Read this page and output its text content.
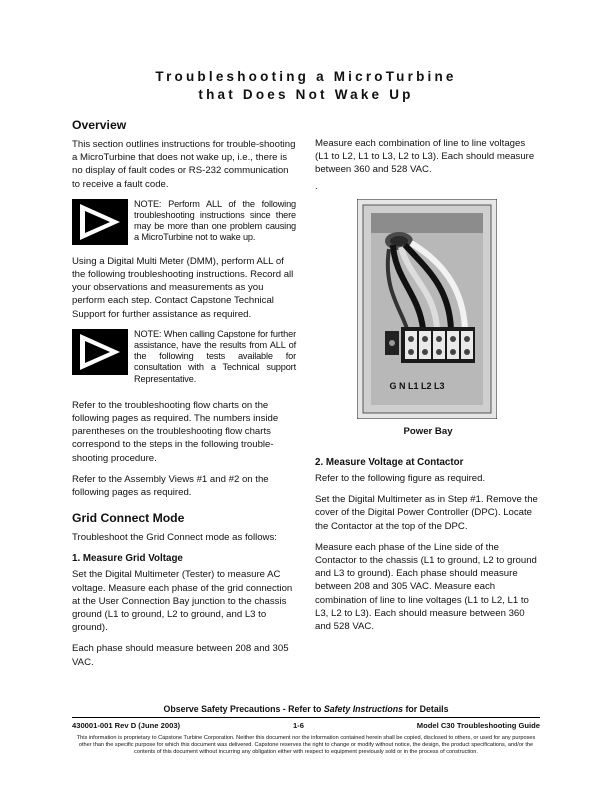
Troubleshooting a MicroTurbine
that Does Not Wake Up
Overview

This section outlines instructions for trouble-shooting a MicroTurbine that does not wake up, i.e., there is no display of fault codes or RS-232 communication to receive a fault code.

NOTE: Perform ALL of the following troubleshooting instructions since there may be more than one problem causing a MicroTurbine not to wake up.

Using a Digital Multi Meter (DMM), perform ALL of the following troubleshooting instructions. Record all your observations and measurements as you perform each step. Contact Capstone Technical Support for further assistance as required.

NOTE: When calling Capstone for further assistance, have the results from ALL of the following tests available for consultation with a Technical support Representative.

Refer to the troubleshooting flow charts on the following pages as required. The numbers inside parentheses on the troubleshooting flow charts correspond to the steps in the following trouble-shooting procedure.

Refer to the Assembly Views #1 and #2 on the following pages as required.

Grid Connect Mode

Troubleshoot the Grid Connect mode as follows:

1. Measure Grid Voltage

Set the Digital Multimeter (Tester) to measure AC voltage. Measure each phase of the grid connection at the User Connection Bay junction to the chassis ground (L1 to ground, L2 to ground, and L3 to ground).

Each phase should measure between 208 and 305 VAC.

Measure each combination of line to line voltages (L1 to L2, L1 to L3, L2 to L3). Each should measure between 360 and 528 VAC.

.

G N L1 L2 L3
Power Bay
2. Measure Voltage at Contactor

Refer to the following figure as required.

Set the Digital Multimeter as in Step #1. Remove the cover of the Digital Power Controller (DPC). Locate the Contactor at the top of the DPC.

Measure each phase of the Line side of the Contactor to the chassis (L1 to ground, L2 to ground and L3 to ground). Each phase should measure between 208 and 305 VAC. Measure each combination of line to line voltages (L1 to L2, L1 to L3, L2 to L3). Each should measure between 360 and 528 VAC.

Observe Safety Precautions - Refer to Safety Instructions for Details
430001-001 Rev D (June 2003)	1-6	Model C30 Troubleshooting Guide
This information is proprietary to Capstone Turbine Corporation. Neither this document nor the information contained herein shall be copied, disclosed to others, or used for any purposes other than the specific purpose for which this document was delivered. Capstone reserves the right to change or modify without notice, the design, the product specifications, and/or the contents of this document without incurring any obligation either with respect to equipment previously sold or in the process of construction.
